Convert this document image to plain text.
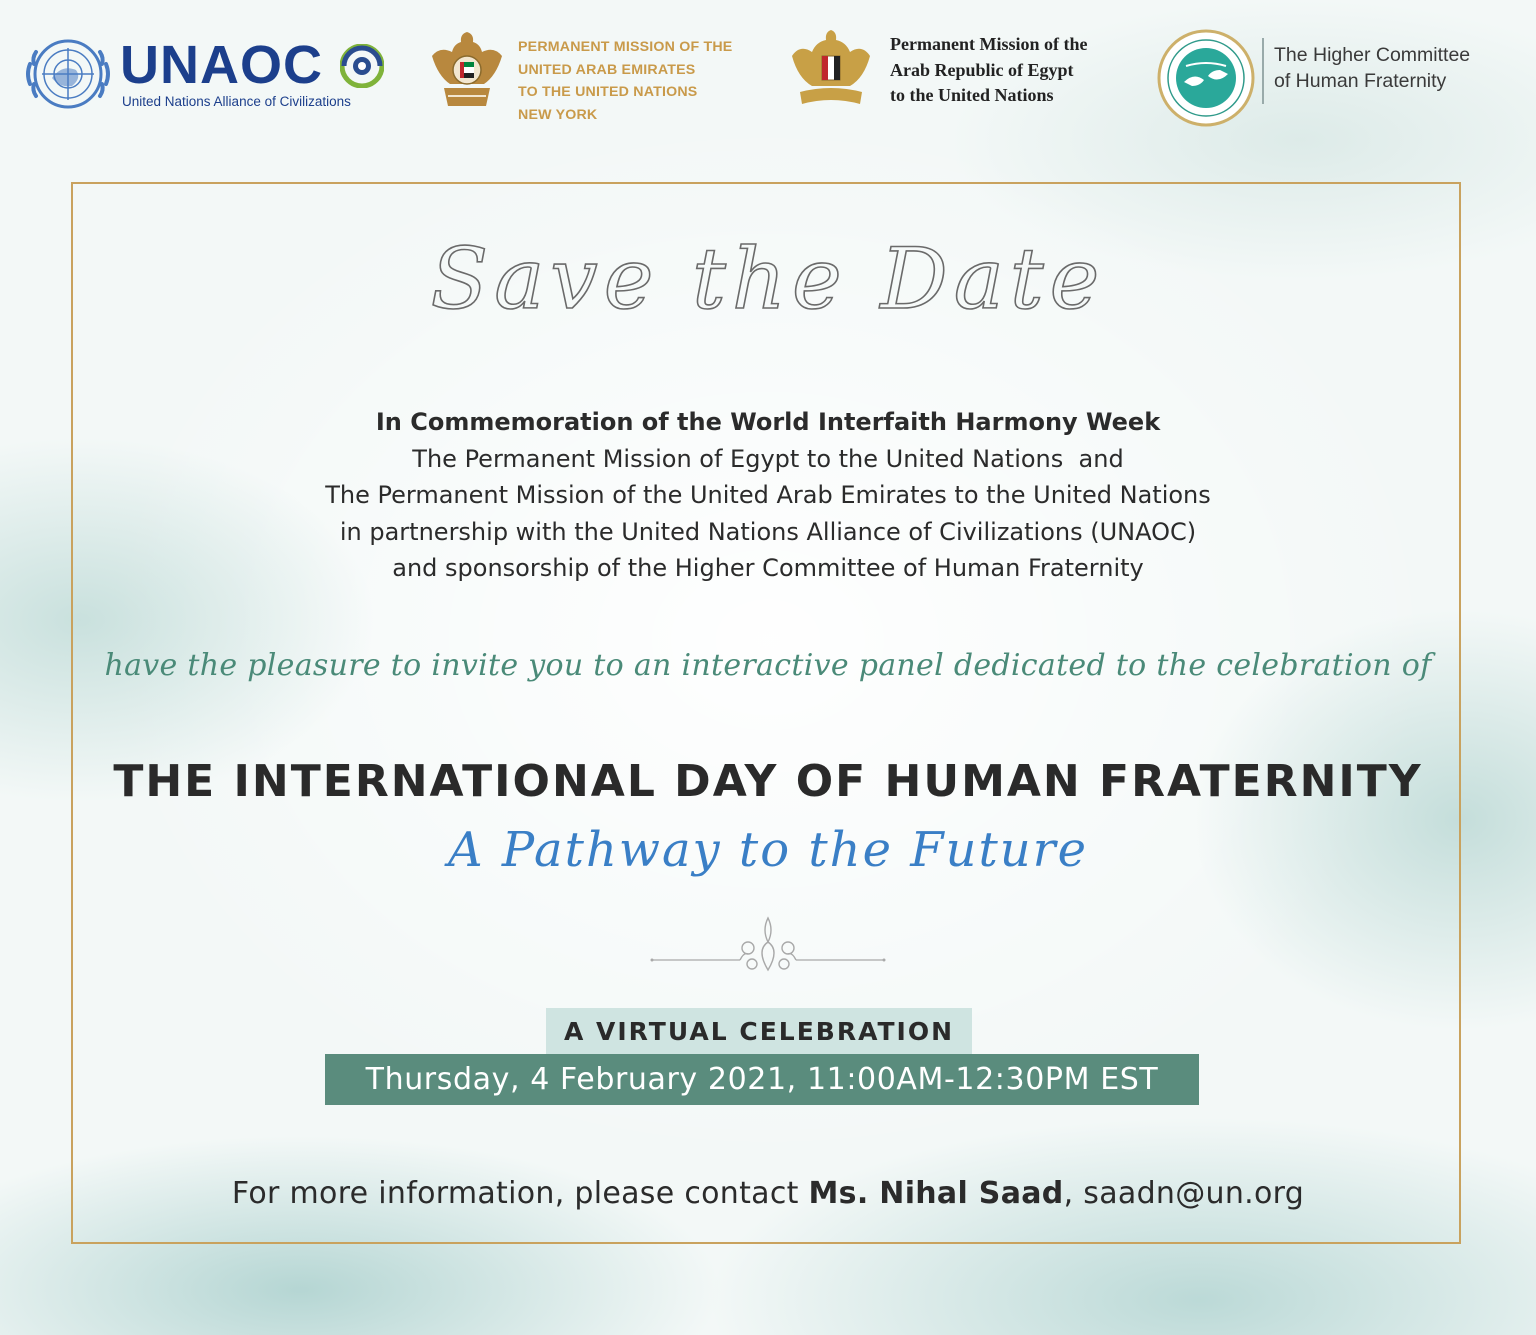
UNAOC
United Nations Alliance of Civilizations
PERMANENT MISSION OF THE
UNITED ARAB EMIRATES
TO THE UNITED NATIONS
NEW YORK
Permanent Mission of the
Arab Republic of Egypt
to the United Nations
The Higher Committee
of Human Fraternity
Save the Date
In Commemoration of the World Interfaith Harmony Week
The Permanent Mission of Egypt to the United Nations  and
The Permanent Mission of the United Arab Emirates to the United Nations
in partnership with the United Nations Alliance of Civilizations (UNAOC)
and sponsorship of the Higher Committee of Human Fraternity
have the pleasure to invite you to an interactive panel dedicated to the celebration of
THE INTERNATIONAL DAY OF HUMAN FRATERNITY
A Pathway to the Future
A VIRTUAL CELEBRATION
Thursday, 4 February 2021, 11:00AM-12:30PM EST
For more information, please contact Ms. Nihal Saad, saadn@un.org
